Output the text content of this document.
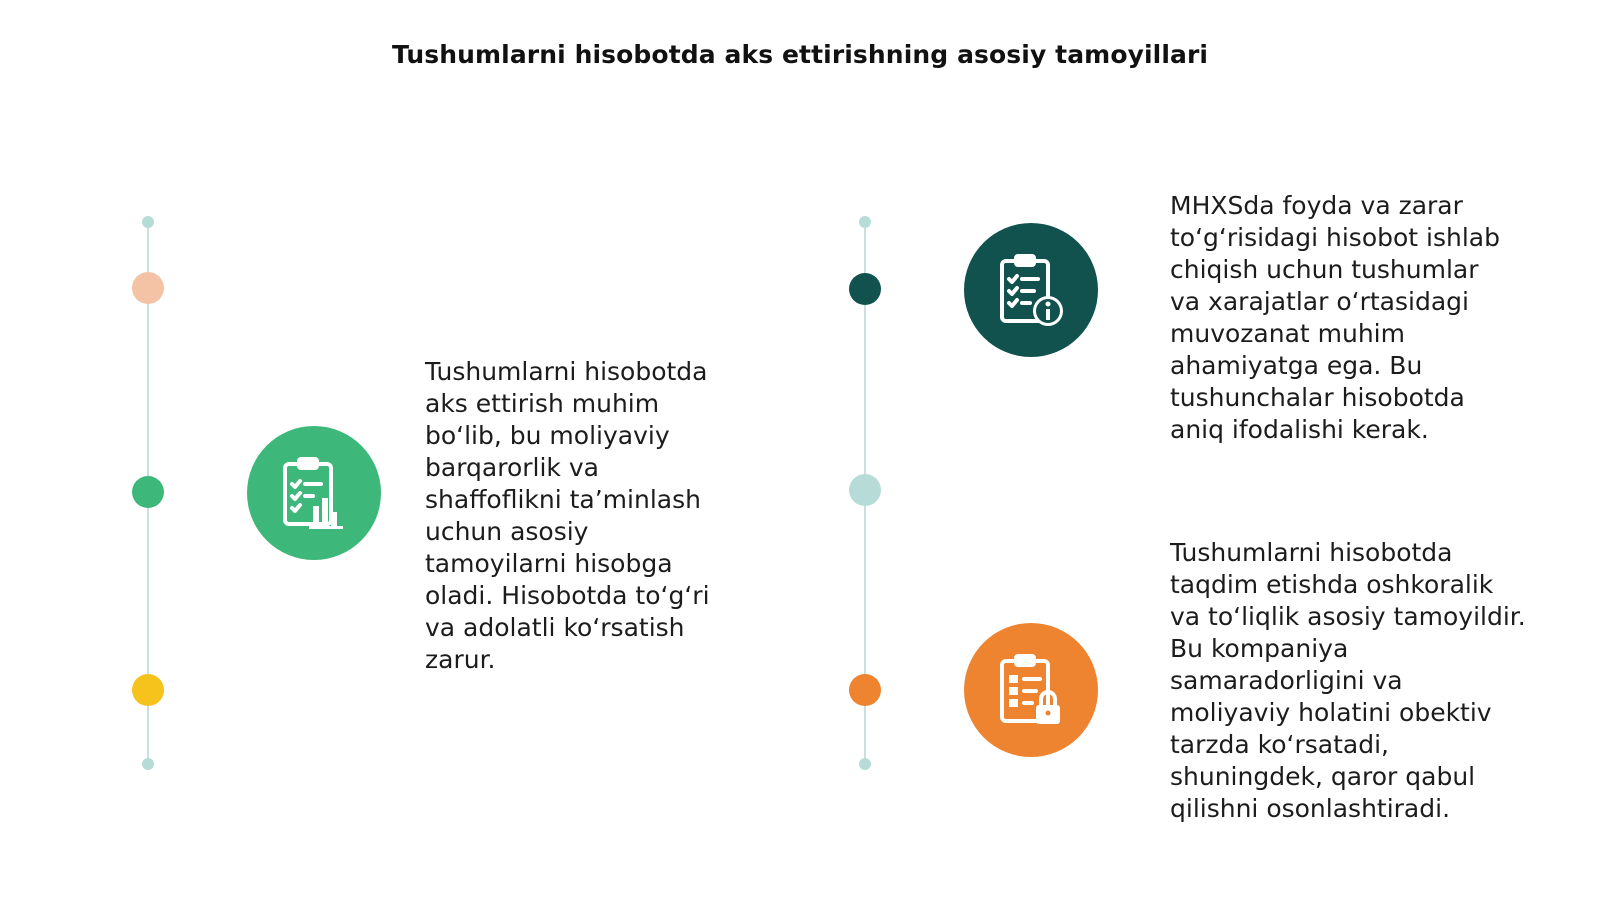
Tushumlarni hisobotda aks ettirishning asosiy tamoyillari
Tushumlarni hisobotda
aks ettirish muhim
bo‘lib, bu moliyaviy
barqarorlik va
shaffoflikni ta’minlash
uchun asosiy
tamoyilarni hisobga
oladi. Hisobotda to‘g‘ri
va adolatli ko‘rsatish
zarur.
MHXSda foyda va zarar
to‘g‘risidagi hisobot ishlab
chiqish uchun tushumlar
va xarajatlar o‘rtasidagi
muvozanat muhim
ahamiyatga ega. Bu
tushunchalar hisobotda
aniq ifodalishi kerak.
Tushumlarni hisobotda
taqdim etishda oshkoralik
va to‘liqlik asosiy tamoyildir.
Bu kompaniya
samaradorligini va
moliyaviy holatini obektiv
tarzda ko‘rsatadi,
shuningdek, qaror qabul
qilishni osonlashtiradi.
